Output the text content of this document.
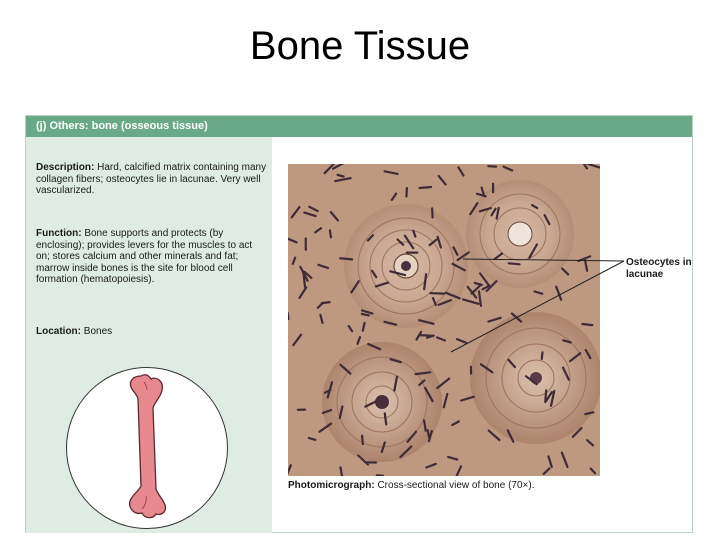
Bone Tissue
(j) Others: bone (osseous tissue)
Description: Hard, calcified matrix containing many collagen fibers; osteocytes lie in lacunae. Very well vascularized.
Function: Bone supports and protects (by enclosing); provides levers for the muscles to act on; stores calcium and other minerals and fat; marrow inside bones is the site for blood cell formation (hematopoiesis).
Location: Bones
Osteocytes in lacunae
Photomicrograph: Cross-sectional view of bone (70×).
